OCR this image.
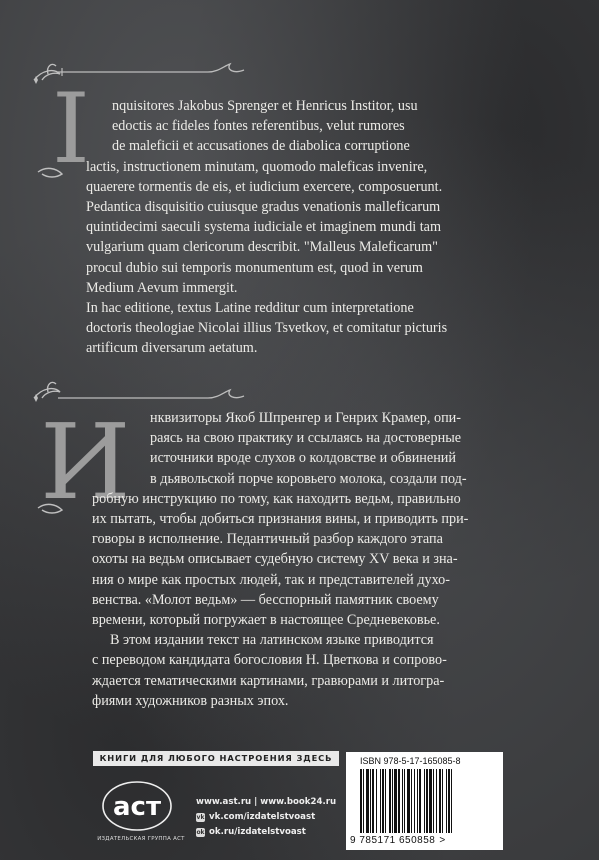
I	nquisitores Jakobus Sprenger et Henricus Institor, usu

edoctis ac fideles fontes referentibus, velut rumores

de maleficii et accusationes de diabolica corruptione

lactis, instructionem minutam, quomodo maleficas invenire,

quaerere tormentis de eis, et iudicium exercere, composuerunt.

Pedantica disquisitio cuiusque gradus venationis malleficarum

quintidecimi saeculi systema iudiciale et imaginem mundi tam

vulgarium quam clericorum describit. "Malleus Maleficarum"

procul dubio sui temporis monumentum est, quod in verum

Medium Aevum immergit.

In hac editione, textus Latine redditur cum interpretatione

doctoris theologiae Nicolai illius Tsvetkov, et comitatur picturis

artificum diversarum aetatum.

И	нквизиторы Якоб Шпренгер и Генрих Крамер, опи-

раясь на свою практику и ссылаясь на достоверные

источники вроде слухов о колдовстве и обвинений

в дьявольской порче коровьего молока, создали под-

робную инструкцию по тому, как находить ведьм, правильно

их пытать, чтобы добиться признания вины, и приводить при-

говоры в исполнение. Педантичный разбор каждого этапа

охоты на ведьм описывает судебную систему XV века и зна-

ния о мире как простых людей, так и представителей духо-

венства. «Молот ведьм» — бесспорный памятник своему

времени, который погружает в настоящее Средневековье.

В этом издании текст на латинском языке приводится

с переводом кандидата богословия Н. Цветкова и сопрово-

ждается тематическими картинами, гравюрами и литогра-

фиями художников разных эпох.

КНИГИ ДЛЯ ЛЮБОГО НАСТРОЕНИЯ ЗДЕСЬ
aст
ИЗДАТЕЛЬСКАЯ ГРУППА АСТ
www.ast.ru | www.book24.ru
vk vk.com/izdatelstvoast
ok ok.ru/izdatelstvoast
ISBN 978-5-17-165085-8
9 785171 650858 >
